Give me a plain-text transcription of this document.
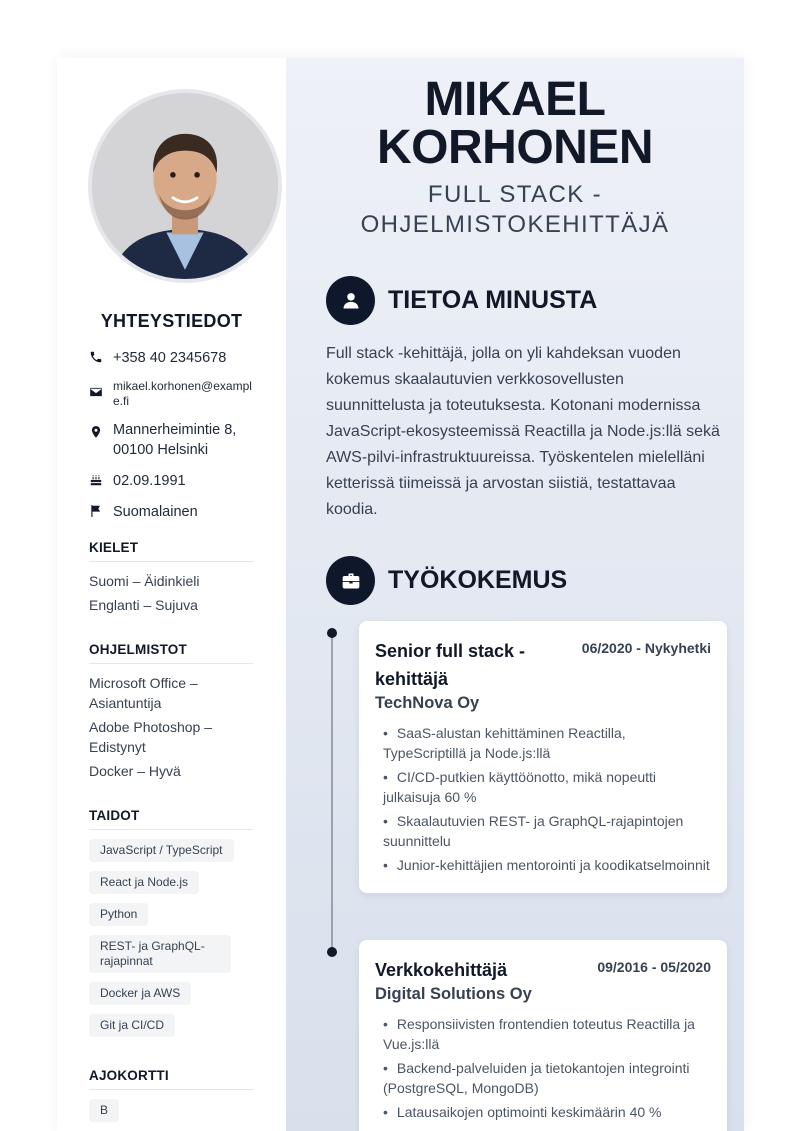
YHTEYSTIEDOT
+358 40 2345678
mikael.korhonen@example.fi
Mannerheimintie 8,
00100 Helsinki
02.09.1991
Suomalainen
KIELET
Suomi – Äidinkieli
Englanti – Sujuva
OHJELMISTOT
Microsoft Office – Asiantuntija
Adobe Photoshop – Edistynyt
Docker – Hyvä
TAIDOT
JavaScript / TypeScript
React ja Node.js
Python
REST- ja GraphQL-rajapinnat
Docker ja AWS
Git ja CI/CD
AJOKORTTI
B
MIKAEL
KORHONEN
FULL STACK -
OHJELMISTOKEHITTÄJÄ
TIETOA MINUSTA
Full stack -kehittäjä, jolla on yli kahdeksan vuoden kokemus skaalautuvien verkkosovellusten suunnittelusta ja toteutuksesta. Kotonani modernissa JavaScript-ekosysteemissä Reactilla ja Node.js:llä sekä AWS-pilvi-infrastruktuureissa. Työskentelen mielelläni ketterissä tiimeissä ja arvostan siistiä, testattavaa koodia.
TYÖKOKEMUS
Senior full stack -kehittäjä
06/2020 - Nykyhetki
TechNova Oy
• SaaS-alustan kehittäminen Reactilla, TypeScriptillä ja Node.js:llä
• CI/CD-putkien käyttöönotto, mikä nopeutti julkaisuja 60 %
• Skaalautuvien REST- ja GraphQL-rajapintojen suunnittelu
• Junior-kehittäjien mentorointi ja koodikatselmoinnit
Verkkokehittäjä	09/2016 - 05/2020
Digital Solutions Oy
• Responsiivisten frontendien toteutus Reactilla ja Vue.js:llä
• Backend-palveluiden ja tietokantojen integrointi (PostgreSQL, MongoDB)
• Latausaikojen optimointi keskimäärin 40 %
